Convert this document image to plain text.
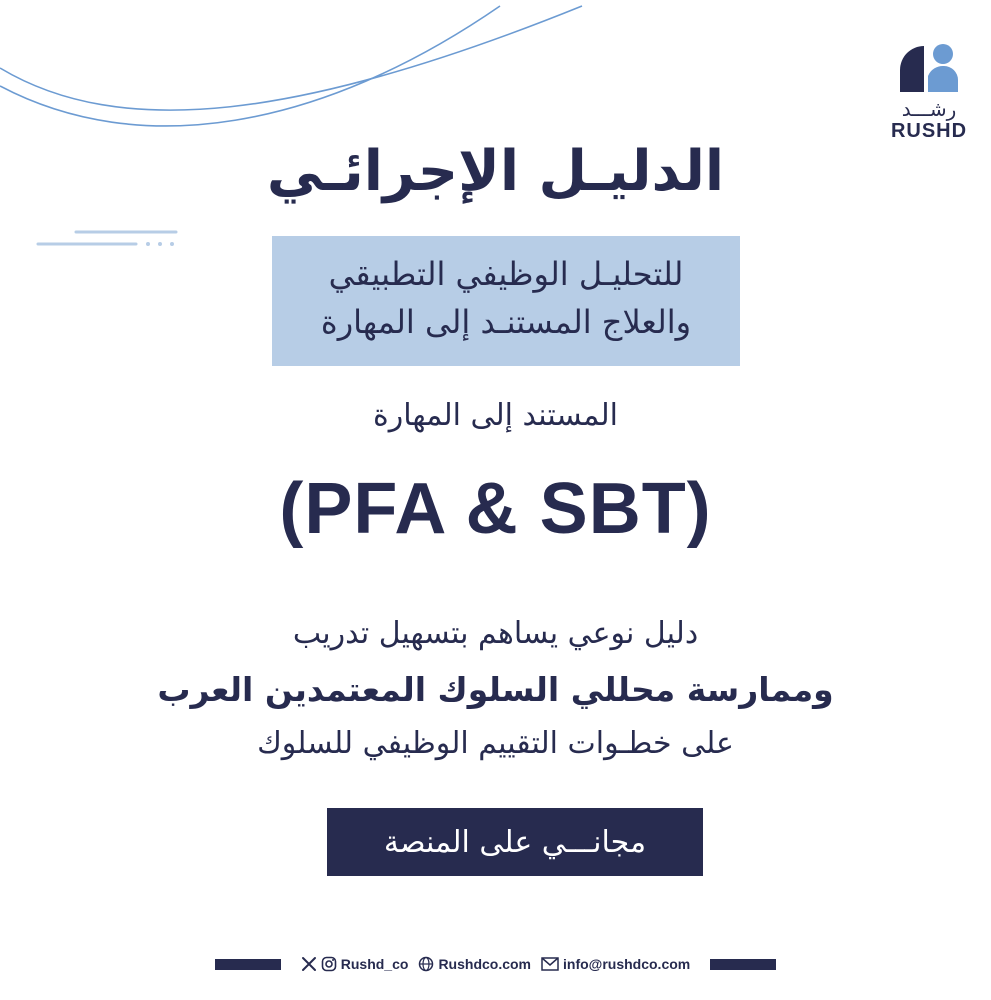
رشـــد
RUSHD
الدليـل الإجرائـي
للتحليـل الوظيفي التطبيقي
والعلاج المستنـد إلى المهارة
المستند إلى المهارة
(PFA & SBT)
دليل نوعي يساهم بتسهيل تدريب
وممارسة محللي السلوك المعتمدين العرب
على خطـوات التقييم الوظيفي للسلوك
مجانـــي على المنصة
Rushd_co Rushdco.com info@rushdco.com
